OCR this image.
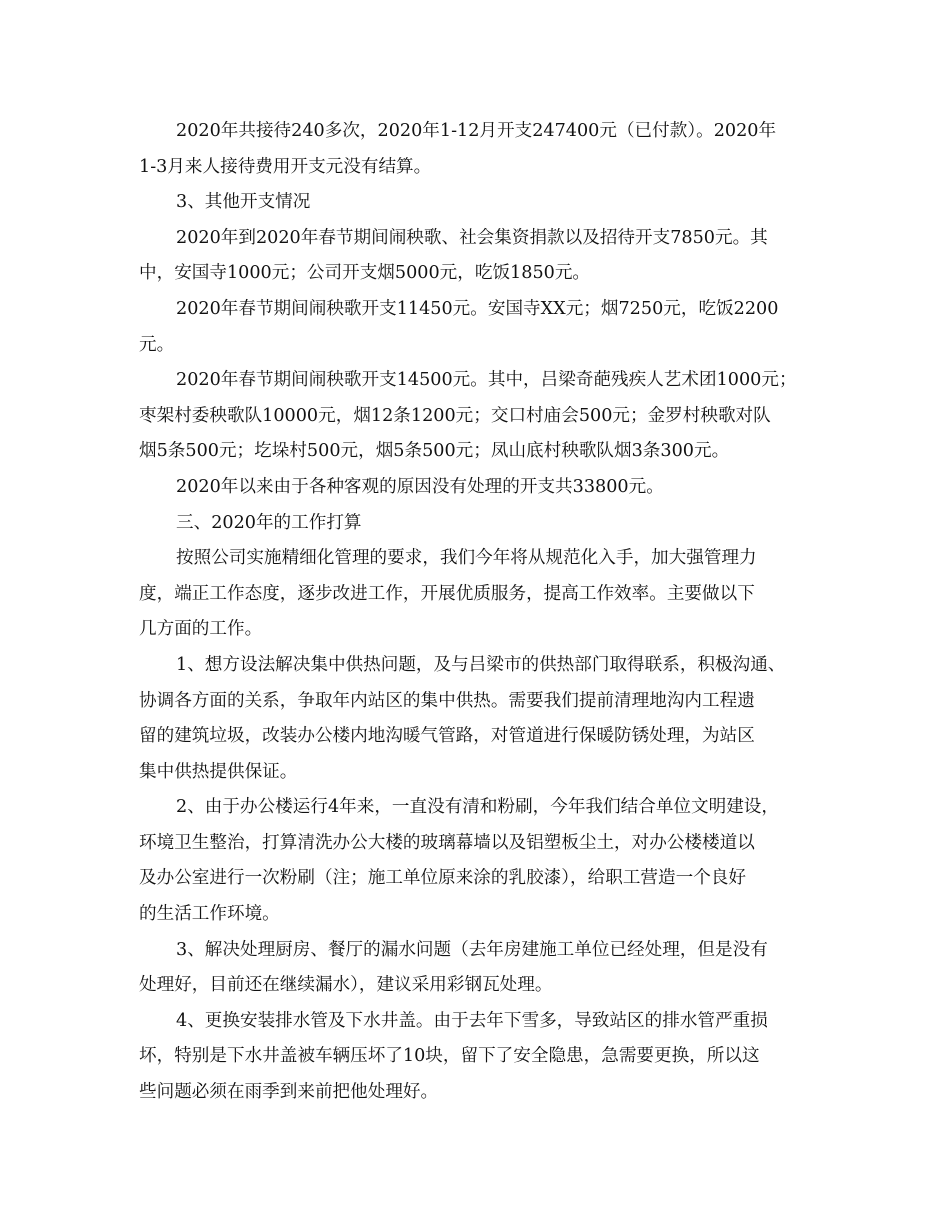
2020年共接待240多次，2020年1-12月开支247400元（已付款）。2020年
1-3月来人接待费用开支元没有结算。
3、其他开支情况
2020年到2020年春节期间闹秧歌、社会集资捐款以及招待开支7850元。其
中，安国寺1000元；公司开支烟5000元，吃饭1850元。
2020年春节期间闹秧歌开支11450元。安国寺XX元；烟7250元，吃饭2200
元。
2020年春节期间闹秧歌开支14500元。其中，吕梁奇葩残疾人艺术团1000元；
枣架村委秧歌队10000元，烟12条1200元；交口村庙会500元；金罗村秧歌对队
烟5条500元；圪垛村500元，烟5条500元；凤山底村秧歌队烟3条300元。
2020年以来由于各种客观的原因没有处理的开支共33800元。
三、2020年的工作打算
按照公司实施精细化管理的要求，我们今年将从规范化入手，加大强管理力
度，端正工作态度，逐步改进工作，开展优质服务，提高工作效率。主要做以下
几方面的工作。
1、想方设法解决集中供热问题，及与吕梁市的供热部门取得联系，积极沟通、
协调各方面的关系，争取年内站区的集中供热。需要我们提前清理地沟内工程遗
留的建筑垃圾，改装办公楼内地沟暖气管路，对管道进行保暖防锈处理，为站区
集中供热提供保证。
2、由于办公楼运行4年来，一直没有清和粉刷，今年我们结合单位文明建设，
环境卫生整治，打算清洗办公大楼的玻璃幕墙以及铝塑板尘土，对办公楼楼道以
及办公室进行一次粉刷（注；施工单位原来涂的乳胶漆），给职工营造一个良好
的生活工作环境。
3、解决处理厨房、餐厅的漏水问题（去年房建施工单位已经处理，但是没有
处理好，目前还在继续漏水），建议采用彩钢瓦处理。
4、更换安装排水管及下水井盖。由于去年下雪多，导致站区的排水管严重损
坏，特别是下水井盖被车辆压坏了10块，留下了安全隐患，急需要更换，所以这
些问题必须在雨季到来前把他处理好。
